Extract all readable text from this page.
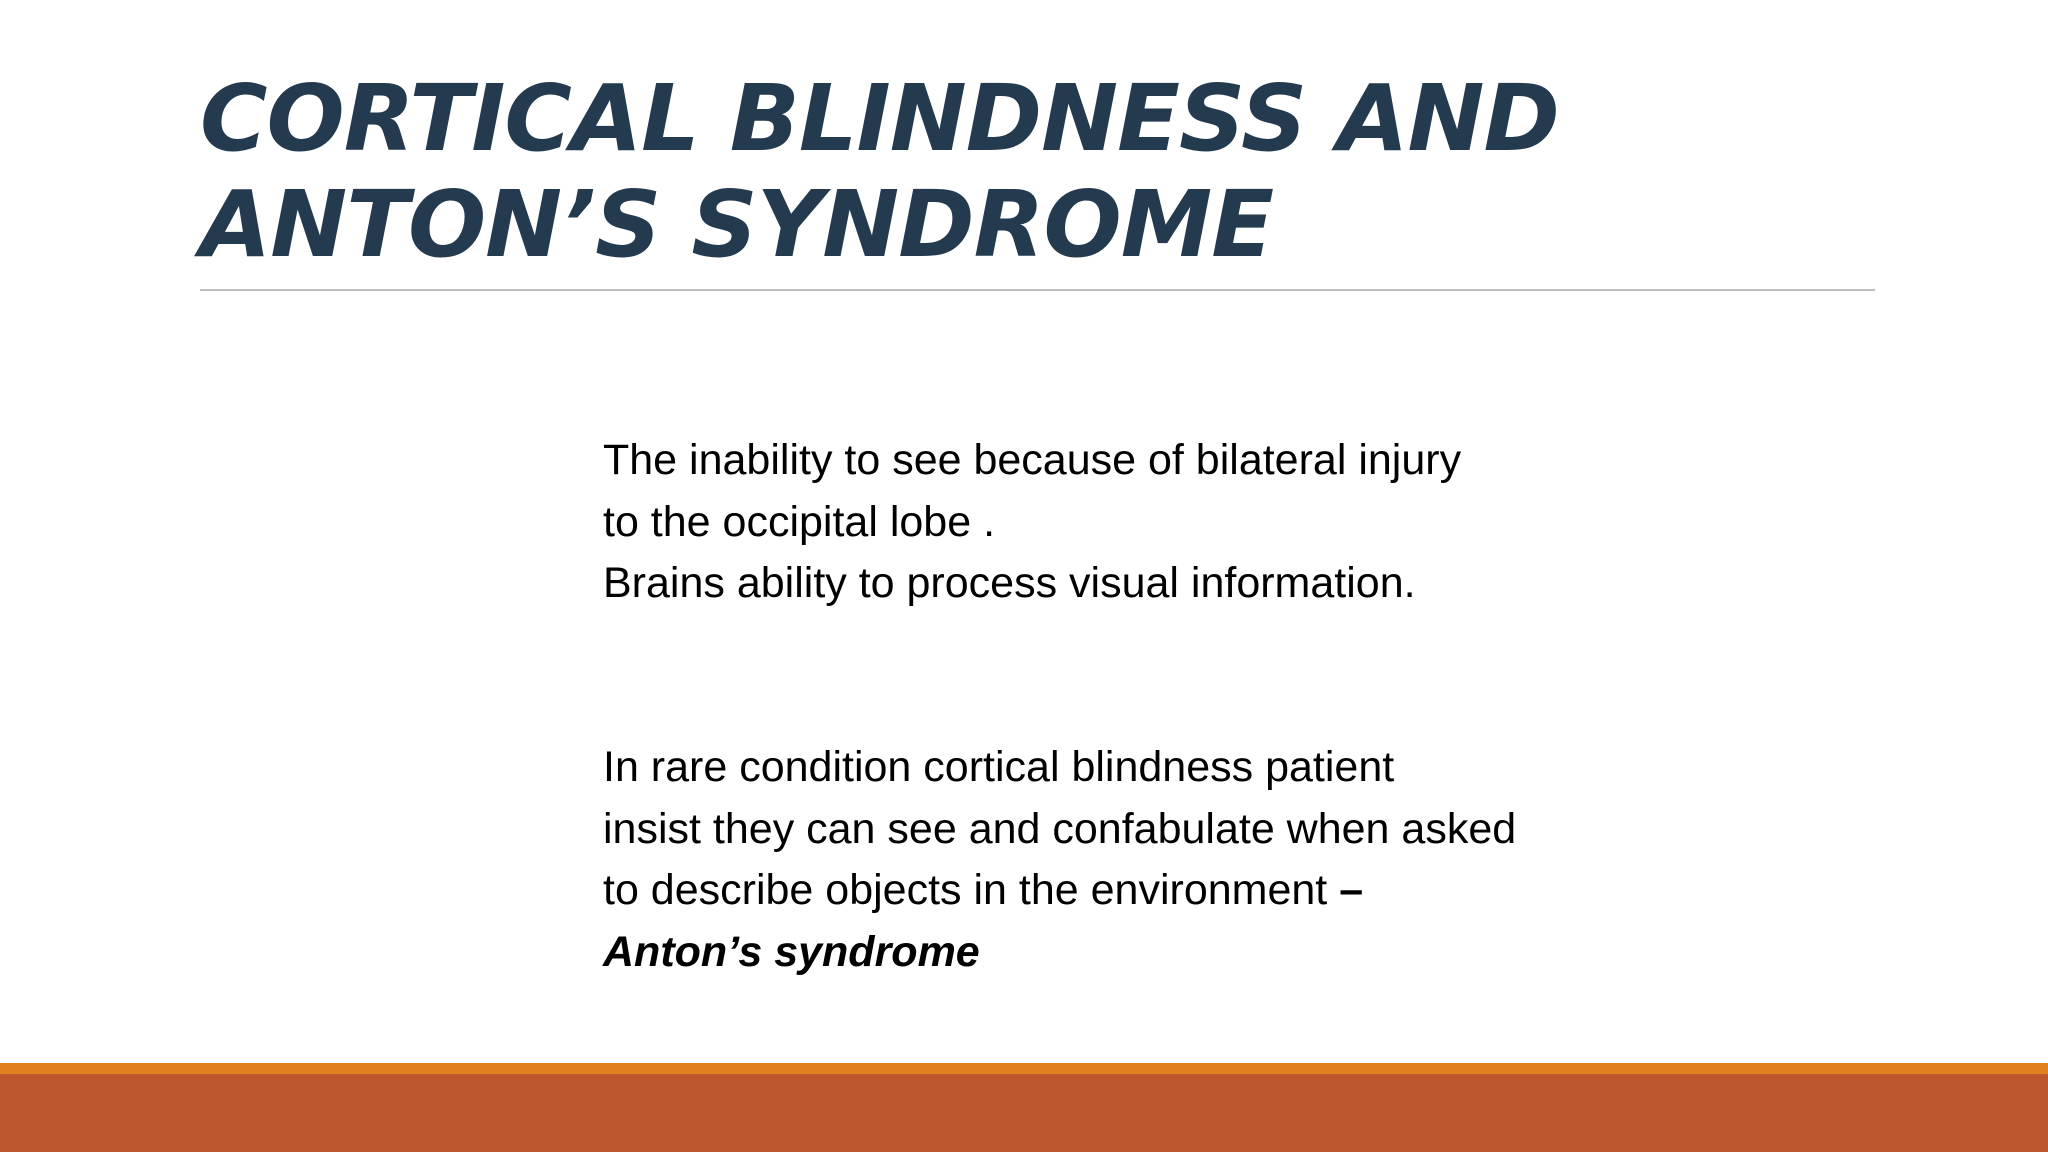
CORTICAL BLINDNESS AND
ANTON’S SYNDROME

The inability to see because of bilateral injury
to the occipital lobe .
Brains ability to process visual information.

In rare condition cortical blindness patient
insist they can see and confabulate when asked
to describe objects in the environment –
Anton’s syndrome
